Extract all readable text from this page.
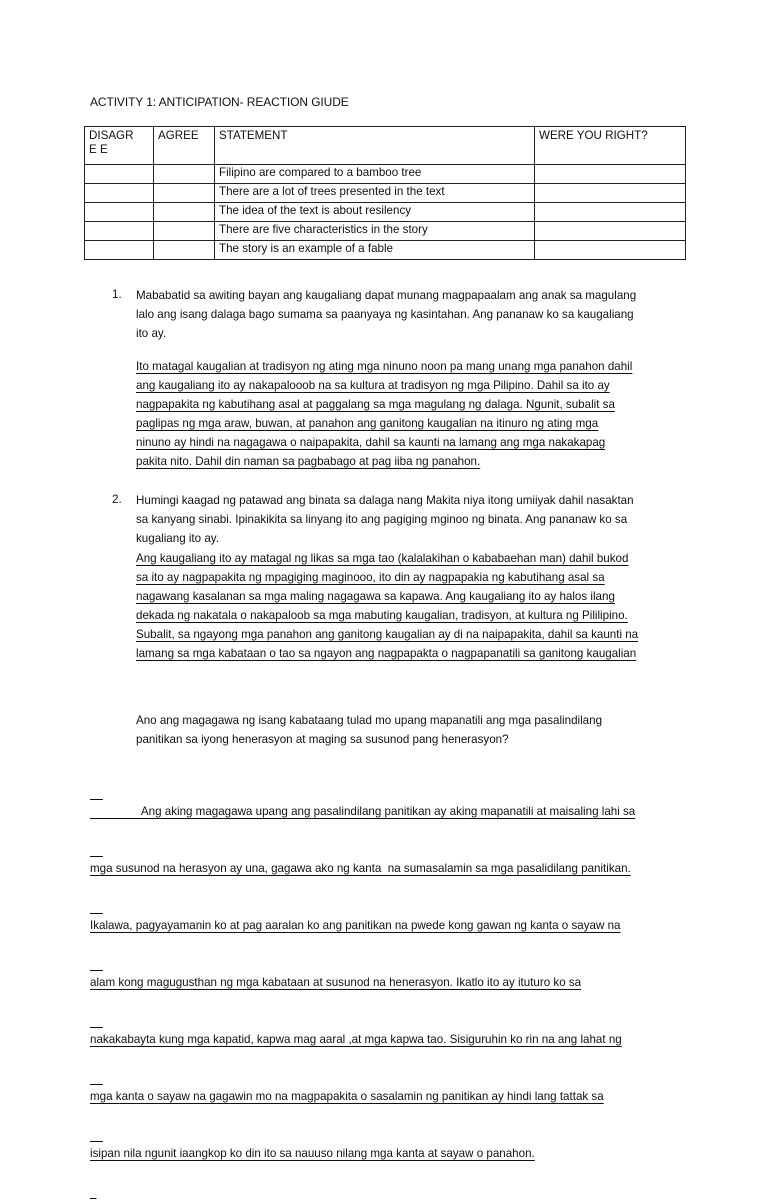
ACTIVITY 1: ANTICIPATION- REACTION GIUDE
DISAGRE E	AGREE	STATEMENT	WERE YOU RIGHT?
		Filipino are compared to a bamboo tree	
		There are a lot of trees presented in the text	
		The idea of the text is about resilency	
		There are five characteristics in the story	
		The story is an example of a fable	
1. Mababatid sa awiting bayan ang kaugaliang dapat munang magpapaalam ang anak sa magulang

lalo ang isang dalaga bago sumama sa paanyaya ng kasintahan. Ang pananaw ko sa kaugaliang

ito ay.

Ito matagal kaugalian at tradisyon ng ating mga ninuno noon pa mang unang mga panahon dahil

ang kaugaliang ito ay nakapalooob na sa kultura at tradisyon ng mga Pilipino. Dahil sa ito ay

nagpapakita ng kabutihang asal at paggalang sa mga magulang ng dalaga. Ngunit, subalit sa

paglipas ng mga araw, buwan, at panahon ang ganitong kaugalian na itinuro ng ating mga

ninuno ay hindi na nagagawa o naipapakita, dahil sa kaunti na lamang ang mga nakakapag

pakita nito. Dahil din naman sa pagbabago at pag iiba ng panahon.

2. Humingi kaagad ng patawad ang binata sa dalaga nang Makita niya itong umiiyak dahil nasaktan

sa kanyang sinabi. Ipinakikita sa linyang ito ang pagiging mginoo ng binata. Ang pananaw ko sa

kugaliang ito ay.

Ang kaugaliang ito ay matagal ng likas sa mga tao (kalalakihan o kababaehan man) dahil bukod

sa ito ay nagpapakita ng mpagiging maginooo, ito din ay nagpapakia ng kabutihang asal sa

nagawang kasalanan sa mga maling nagagawa sa kapawa. Ang kaugaliang ito ay halos ilang

dekada ng nakatala o nakapaloob sa mga mabuting kaugalian, tradisyon, at kultura ng Pililipino.

Subalit, sa ngayong mga panahon ang ganitong kaugalian ay di na naipapakita, dahil sa kaunti na

lamang sa mga kabataan o tao sa ngayon ang nagpapakta o nagpapanatili sa ganitong kaugalian

Ano ang magagawa ng isang kabataang tulad mo upang mapanatili ang mga pasalindilang

panitikan sa iyong henerasyon at maging sa susunod pang henerasyon?

Ang aking magagawa upang ang pasalindilang panitikan ay aking mapanatili at maisaling lahi sa

mga susunod na herasyon ay una, gagawa ako ng kanta  na sumasalamin sa mga pasalidilang panitikan.

Ikalawa, pagyayamanin ko at pag aaralan ko ang panitikan na pwede kong gawan ng kanta o sayaw na

alam kong magugusthan ng mga kabataan at susunod na henerasyon. Ikatlo ito ay ituturo ko sa

nakakabayta kung mga kapatid, kapwa mag aaral ,at mga kapwa tao. Sisiguruhin ko rin na ang lahat ng

mga kanta o sayaw na gagawin mo na magpapakita o sasalamin ng panitikan ay hindi lang tattak sa

isipan nila ngunit iaangkop ko din ito sa nauuso nilang mga kanta at sayaw o panahon.
